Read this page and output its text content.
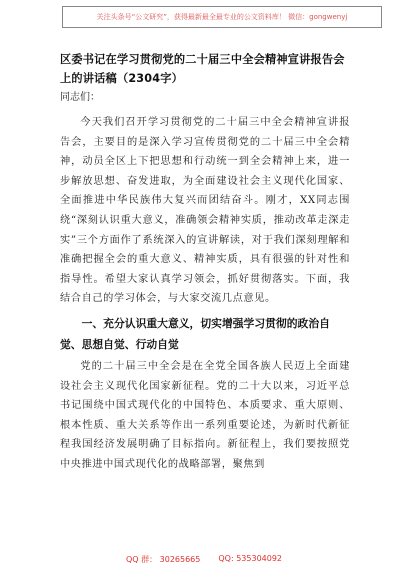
关注头条号“公文研究”，获得最新最全最专业的公文资料库！ 微信：gongwenyj
区委书记在学习贯彻党的二十届三中全会精神宣讲报告会上的讲话稿（2304字）

同志们：

今天我们召开学习贯彻党的二十届三中全会精神宣讲报告会，主要目的是深入学习宣传贯彻党的二十届三中全会精神，动员全区上下把思想和行动统一到全会精神上来，进一步解放思想、奋发进取，为全面建设社会主义现代化国家、全面推进中华民族伟大复兴而团结奋斗。刚才，XX同志围绕“深刻认识重大意义，准确领会精神实质，推动改革走深走实”三个方面作了系统深入的宣讲解读，对于我们深刻理解和准确把握全会的重大意义、精神实质，具有很强的针对性和指导性。希望大家认真学习领会，抓好贯彻落实。下面，我结合自己的学习体会，与大家交流几点意见。

一、充分认识重大意义，切实增强学习贯彻的政治自觉、思想自觉、行动自觉

党的二十届三中全会是在全党全国各族人民迈上全面建设社会主义现代化国家新征程。党的二十大以来，习近平总书记围绕中国式现代化的中国特色、本质要求、重大原则、根本性质、重大关系等作出一系列重要论述，为新时代新征程我国经济发展明确了目标指向。新征程上，我们要按照党中央推进中国式现代化的战略部署，聚焦到

QQ 群： 30265665 QQ: 535304092
